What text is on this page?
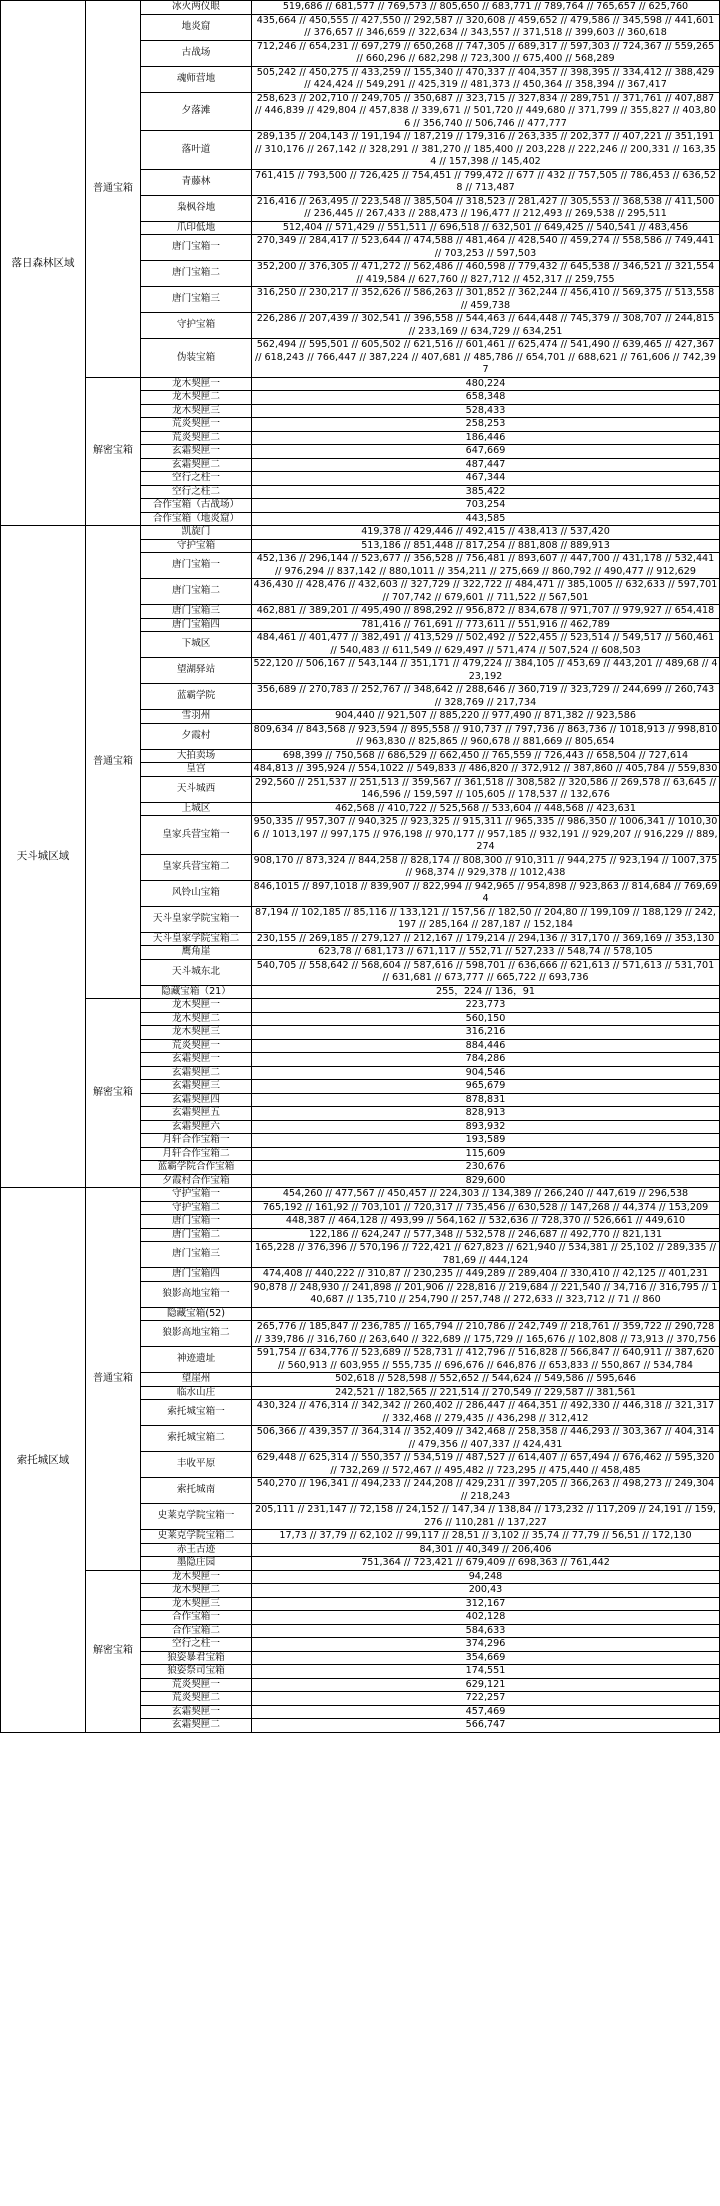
落日森林区域	普通宝箱	冰火两仪眼	519,686 // 681,577 // 769,573 // 805,650 // 683,771 // 789,764 // 765,657 // 625,760
		地炎窟	435,664 // 450,555 // 427,550 // 292,587 // 320,608 // 459,652 // 479,586 // 345,598 // 441,601 // 376,657 // 346,659 // 322,634 // 343,557 // 371,518 // 399,603 // 360,618
		古战场	712,246 // 654,231 // 697,279 // 650,268 // 747,305 // 689,317 // 597,303 // 724,367 // 559,265 // 660,296 // 682,298 // 723,300 // 675,400 // 568,289
		魂师营地	505,242 // 450,275 // 433,259 // 155,340 // 470,337 // 404,357 // 398,395 // 334,412 // 388,429 // 424,424 // 549,291 // 425,319 // 481,373 // 450,364 // 358,394 // 367,417
		夕落滩	258,623 // 202,710 // 249,705 // 350,687 // 323,715 // 327,834 // 289,751 // 371,761 // 407,887 // 446,839 // 429,804 // 457,838 // 339,671 // 501,720 // 449,680 // 371,799 // 355,827 // 403,806 // 356,740 // 506,746 // 477,777
		落叶道	289,135 // 204,143 // 191,194 // 187,219 // 179,316 // 263,335 // 202,377 // 407,221 // 351,191 // 310,176 // 267,142 // 328,291 // 381,270 // 185,400 // 203,228 // 222,246 // 200,331 // 163,354 // 157,398 // 145,402
		青藤林	761,415 // 793,500 // 726,425 // 754,451 // 799,472 // 677 // 432 // 757,505 // 786,453 // 636,528 // 713,487
		枭枫谷地	216,416 // 263,495 // 223,548 // 385,504 // 318,523 // 281,427 // 305,553 // 368,538 // 411,500 // 236,445 // 267,433 // 288,473 // 196,477 // 212,493 // 269,538 // 295,511
		爪印低地	512,404 // 571,429 // 551,511 // 696,518 // 632,501 // 649,425 // 540,541 // 483,456
		唐门宝箱一	270,349 // 284,417 // 523,644 // 474,588 // 481,464 // 428,540 // 459,274 // 558,586 // 749,441 // 703,253 // 597,503
		唐门宝箱二	352,200 // 376,305 // 471,272 // 562,486 // 460,598 // 779,432 // 645,538 // 346,521 // 321,554 // 419,584 // 627,760 // 827,712 // 452,317 // 259,755
		唐门宝箱三	316,250 // 230,217 // 352,626 // 586,263 // 301,852 // 362,244 // 456,410 // 569,375 // 513,558 // 459,738
		守护宝箱	226,286 // 207,439 // 302,541 // 396,558 // 544,463 // 644,448 // 745,379 // 308,707 // 244,815 // 233,169 // 634,729 // 634,251
		伪装宝箱	562,494 // 595,501 // 605,502 // 621,516 // 601,461 // 625,474 // 541,490 // 639,465 // 427,367 // 618,243 // 766,447 // 387,224 // 407,681 // 485,786 // 654,701 // 688,621 // 761,606 // 742,397
	解密宝箱	龙木契匣一	480,224
		龙木契匣二	658,348
		龙木契匣三	528,433
		荒炎契匣一	258,253
		荒炎契匣二	186,446
		玄霜契匣一	647,669
		玄霜契匣二	487,447
		空行之柱一	467,344
		空行之柱二	385,422
		合作宝箱（古战场）	703,254
		合作宝箱（地炎窟）	443,585
天斗城区域	普通宝箱	凯旋门	419,378 // 429,446 // 492,415 // 438,413 // 537,420
		守护宝箱	513,186 // 851,448 // 817,254 // 881,808 // 889,913
		唐门宝箱一	452,136 // 296,144 // 523,677 // 356,528 // 756,481 // 893,607 // 447,700 // 431,178 // 532,441 // 976,294 // 837,142 // 880,1011 // 354,211 // 275,669 // 860,792 // 490,477 // 912,629
		唐门宝箱二	436,430 // 428,476 // 432,603 // 327,729 // 322,722 // 484,471 // 385,1005 // 632,633 // 597,701 // 707,742 // 679,601 // 711,522 // 567,501
		唐门宝箱三	462,881 // 389,201 // 495,490 // 898,292 // 956,872 // 834,678 // 971,707 // 979,927 // 654,418
		唐门宝箱四	781,416 // 761,691 // 773,611 // 551,916 // 462,789
		下城区	484,461 // 401,477 // 382,491 // 413,529 // 502,492 // 522,455 // 523,514 // 549,517 // 560,461 // 540,483 // 611,549 // 629,497 // 571,474 // 507,524 // 608,503
		望湖驿站	522,120 // 506,167 // 543,144 // 351,171 // 479,224 // 384,105 // 453,69 // 443,201 // 489,68 // 423,192
		蓝霸学院	356,689 // 270,783 // 252,767 // 348,642 // 288,646 // 360,719 // 323,729 // 244,699 // 260,743 // 328,769 // 217,734
		雪羽州	904,440 // 921,507 // 885,220 // 977,490 // 871,382 // 923,586
		夕霞村	809,634 // 843,568 // 923,594 // 895,558 // 910,737 // 797,736 // 863,736 // 1018,913 // 998,810 // 963,830 // 825,865 // 960,678 // 881,669 // 805,654
		大拍卖场	698,399 // 750,568 // 686,529 // 662,450 // 765,559 // 726,443 // 658,504 // 727,614
		皇宫	484,813 // 395,924 // 554,1022 // 549,833 // 486,820 // 372,912 // 387,860 // 405,784 // 559,830
		天斗城西	292,560 // 251,537 // 251,513 // 359,567 // 361,518 // 308,582 // 320,586 // 269,578 // 63,645 // 146,596 // 159,597 // 105,605 // 178,537 // 132,676
		上城区	462,568 // 410,722 // 525,568 // 533,604 // 448,568 // 423,631
		皇家兵营宝箱一	950,335 // 957,307 // 940,325 // 923,325 // 915,311 // 965,335 // 986,350 // 1006,341 // 1010,306 // 1013,197 // 997,175 // 976,198 // 970,177 // 957,185 // 932,191 // 929,207 // 916,229 // 889,274
		皇家兵营宝箱二	908,170 // 873,324 // 844,258 // 828,174 // 808,300 // 910,311 // 944,275 // 923,194 // 1007,375 // 968,374 // 929,378 // 1012,438
		风铃山宝箱	846,1015 // 897,1018 // 839,907 // 822,994 // 942,965 // 954,898 // 923,863 // 814,684 // 769,694
		天斗皇家学院宝箱一	87,194 // 102,185 // 85,116 // 133,121 // 157,56 // 182,50 // 204,80 // 199,109 // 188,129 // 242,197 // 285,164 // 287,187 // 152,184
		天斗皇家学院宝箱二	230,155 // 269,185 // 279,127 // 212,167 // 179,214 // 294,136 // 317,170 // 369,169 // 353,130
		鹰角崖	623,78 // 681,173 // 671,117 // 552,71 // 527,233 // 548,74 // 578,105
		天斗城东北	540,705 // 558,642 // 568,604 // 587,616 // 598,701 // 636,666 // 621,613 // 571,613 // 531,701 // 631,681 // 673,777 // 665,722 // 693,736
		隐藏宝箱（21）	255，224 // 136，91
	解密宝箱	龙木契匣一	223,773
		龙木契匣二	560,150
		龙木契匣三	316,216
		荒炎契匣一	884,446
		玄霜契匣一	784,286
		玄霜契匣二	904,546
		玄霜契匣三	965,679
		玄霜契匣四	878,831
		玄霜契匣五	828,913
		玄霜契匣六	893,932
		月轩合作宝箱一	193,589
		月轩合作宝箱二	115,609
		蓝霸学院合作宝箱	230,676
		夕霞村合作宝箱	829,600
索托城区域	普通宝箱	守护宝箱一	454,260 // 477,567 // 450,457 // 224,303 // 134,389 // 266,240 // 447,619 // 296,538
		守护宝箱二	765,192 // 161,92 // 703,101 // 720,317 // 735,456 // 630,528 // 147,268 // 44,374 // 153,209
		唐门宝箱一	448,387 // 464,128 // 493,99 // 564,162 // 532,636 // 728,370 // 526,661 // 449,610
		唐门宝箱二	122,186 // 624,247 // 577,348 // 532,578 // 246,687 // 492,770 // 821,131
		唐门宝箱三	165,228 // 376,396 // 570,196 // 722,421 // 627,823 // 621,940 // 534,381 // 25,102 // 289,335 // 781,69 // 444,124
		唐门宝箱四	474,408 // 440,222 // 310,87 // 230,235 // 449,289 // 289,404 // 330,410 // 42,125 // 401,231
		狼影高地宝箱一	90,878 // 248,930 // 241,898 // 201,906 // 228,816 // 219,684 // 221,540 // 34,716 // 316,795 // 140,687 // 135,710 // 254,790 // 257,748 // 272,633 // 323,712 // 71 // 860
		隐藏宝箱(52)	
		狼影高地宝箱二	265,776 // 185,847 // 236,785 // 165,794 // 210,786 // 242,749 // 218,761 // 359,722 // 290,728 // 339,786 // 316,760 // 263,640 // 322,689 // 175,729 // 165,676 // 102,808 // 73,913 // 370,756
		神迹遗址	591,754 // 634,776 // 523,689 // 528,731 // 412,796 // 516,828 // 566,847 // 640,911 // 387,620 // 560,913 // 603,955 // 555,735 // 696,676 // 646,876 // 653,833 // 550,867 // 534,784
		望崖州	502,618 // 528,598 // 552,652 // 544,624 // 549,586 // 595,646
		临水山庄	242,521 // 182,565 // 221,514 // 270,549 // 229,587 // 381,561
		索托城宝箱一	430,324 // 476,314 // 342,342 // 260,402 // 286,447 // 464,351 // 492,330 // 446,318 // 321,317 // 332,468 // 279,435 // 436,298 // 312,412
		索托城宝箱二	506,366 // 439,357 // 364,314 // 352,409 // 342,468 // 258,358 // 446,293 // 303,367 // 404,314 // 479,356 // 407,337 // 424,431
		丰收平原	629,448 // 625,314 // 550,357 // 534,519 // 487,527 // 614,407 // 657,494 // 676,462 // 595,320 // 732,269 // 572,467 // 495,482 // 723,295 // 475,440 // 458,485
		索托城南	540,270 // 196,341 // 494,233 // 244,208 // 429,231 // 397,205 // 366,263 // 498,273 // 249,304 // 218,243
		史莱克学院宝箱一	205,111 // 231,147 // 72,158 // 24,152 // 147,34 // 138,84 // 173,232 // 117,209 // 24,191 // 159,276 // 110,281 // 137,227
		史莱克学院宝箱二	17,73 // 37,79 // 62,102 // 99,117 // 28,51 // 3,102 // 35,74 // 77,79 // 56,51 // 172,130
		赤王古迹	84,301 // 40,349 // 206,406
		墨隐庄园	751,364 // 723,421 // 679,409 // 698,363 // 761,442
	解密宝箱	龙木契匣一	94,248
		龙木契匣二	200,43
		龙木契匣三	312,167
		合作宝箱一	402,128
		合作宝箱二	584,633
		空行之柱一	374,296
		狼姿暴君宝箱	354,669
		狼姿祭司宝箱	174,551
		荒炎契匣一	629,121
		荒炎契匣二	722,257
		玄霜契匣一	457,469
		玄霜契匣二	566,747
